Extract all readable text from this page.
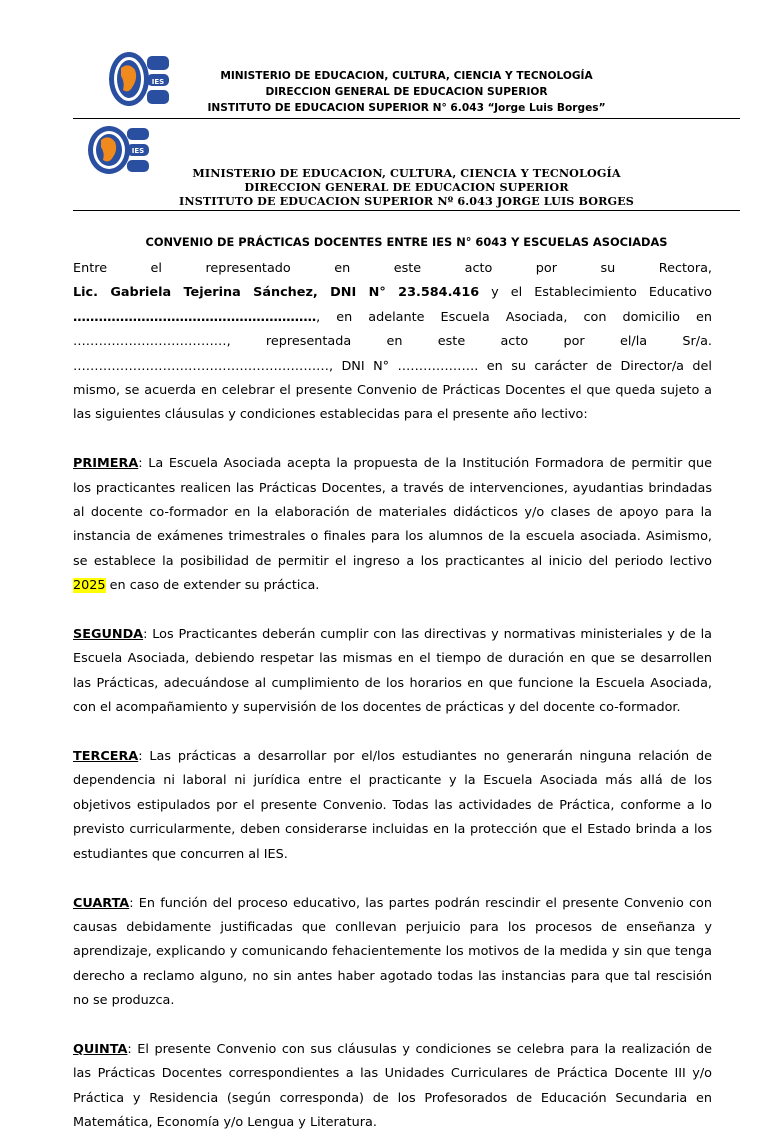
IES	MINISTERIO DE EDUCACION, CULTURA, CIENCIA Y TECNOLOGÍA
DIRECCION GENERAL DE EDUCACION SUPERIOR
INSTITUTO DE EDUCACION SUPERIOR N° 6.043 “Jorge Luis Borges”
IES
MINISTERIO DE EDUCACION, CULTURA, CIENCIA Y TECNOLOGÍA
DIRECCION GENERAL DE EDUCACION SUPERIOR
INSTITUTO DE EDUCACION SUPERIOR Nº 6.043 JORGE LUIS BORGES
CONVENIO DE PRÁCTICAS DOCENTES ENTRE IES N° 6043 Y ESCUELAS ASOCIADAS

Entre el representado en este acto por su Rectora, Lic. Gabriela Tejerina Sánchez, DNI N° 23.584.416 y el Establecimiento Educativo …………………………………………………, en adelante Escuela Asociada, con domicilio en ………………………………, representada en este acto por el/la Sr/a. ……………………………………………………, DNI N° ………………. en su carácter de Director/a del mismo, se acuerda en celebrar el presente Convenio de Prácticas Docentes el que queda sujeto a las siguientes cláusulas y condiciones establecidas para el presente año lectivo:

PRIMERA: La Escuela Asociada acepta la propuesta de la Institución Formadora de permitir que los practicantes realicen las Prácticas Docentes, a través de intervenciones, ayudantias brindadas al docente co-formador en la elaboración de materiales didácticos y/o clases de apoyo para la instancia de exámenes trimestrales o finales para los alumnos de la escuela asociada. Asimismo, se establece la posibilidad de permitir el ingreso a los practicantes al inicio del periodo lectivo 2025 en caso de extender su práctica.

SEGUNDA: Los Practicantes deberán cumplir con las directivas y normativas ministeriales y de la Escuela Asociada, debiendo respetar las mismas en el tiempo de duración en que se desarrollen las Prácticas, adecuándose al cumplimiento de los horarios en que funcione la Escuela Asociada, con el acompañamiento y supervisión de los docentes de prácticas y del docente co-formador.

TERCERA: Las prácticas a desarrollar por el/los estudiantes no generarán ninguna relación de dependencia ni laboral ni jurídica entre el practicante y la Escuela Asociada más allá de los objetivos estipulados por el presente Convenio. Todas las actividades de Práctica, conforme a lo previsto curricularmente, deben considerarse incluidas en la protección que el Estado brinda a los estudiantes que concurren al IES.

CUARTA: En función del proceso educativo, las partes podrán rescindir el presente Convenio con causas debidamente justificadas que conllevan perjuicio para los procesos de enseñanza y aprendizaje, explicando y comunicando fehacientemente los motivos de la medida y sin que tenga derecho a reclamo alguno, no sin antes haber agotado todas las instancias para que tal rescisión no se produzca.

QUINTA: El presente Convenio con sus cláusulas y condiciones se celebra para la realización de las Prácticas Docentes correspondientes a las Unidades Curriculares de Práctica Docente III y/o Práctica y Residencia (según corresponda) de los Profesorados de Educación Secundaria en Matemática, Economía y/o Lengua y Literatura.
